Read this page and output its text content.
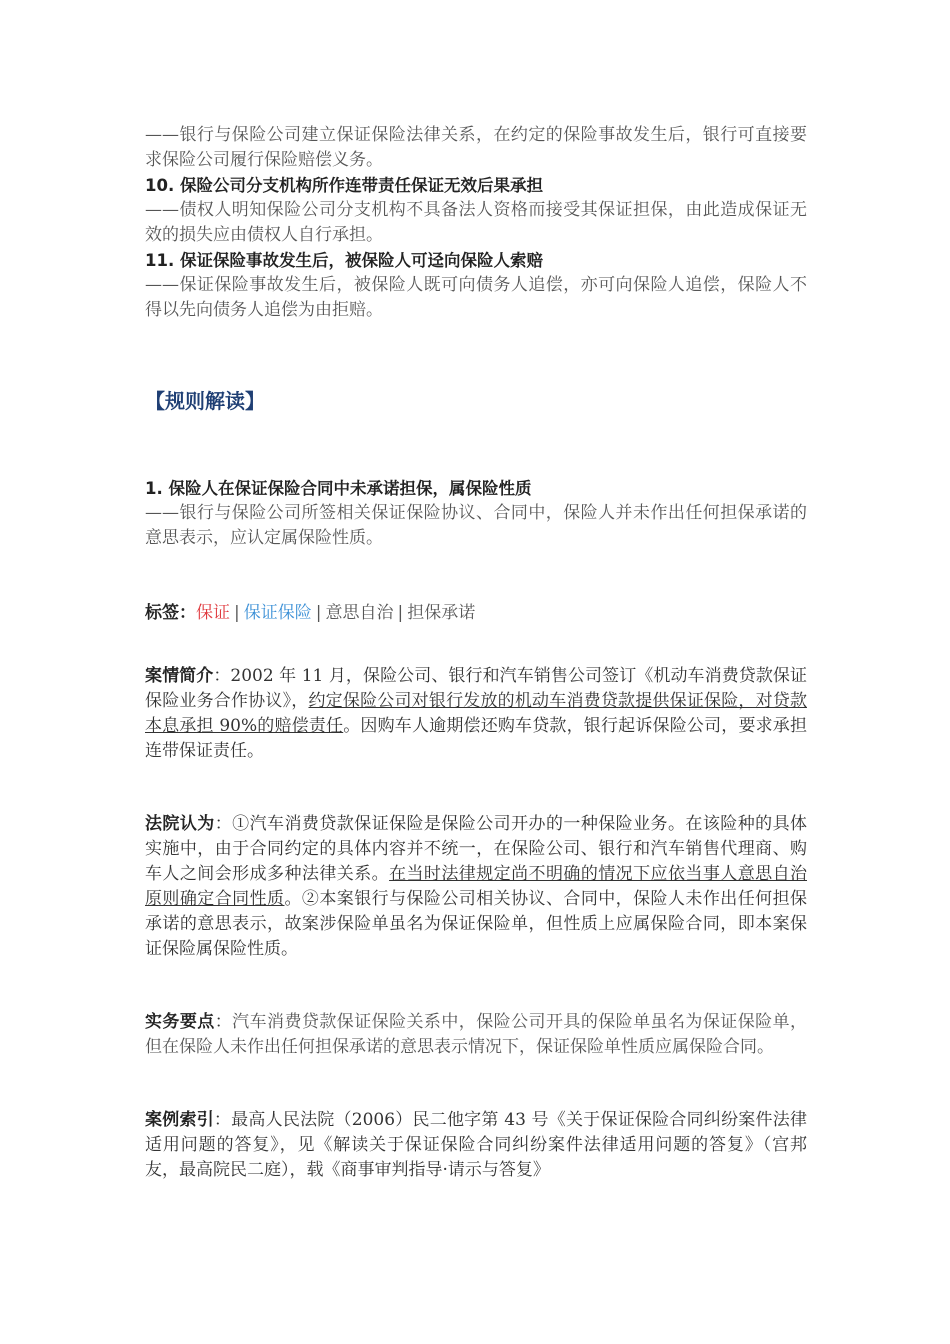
——银行与保险公司建立保证保险法律关系，在约定的保险事故发生后，银行可直接要求保险公司履行保险赔偿义务。

10. 保险公司分支机构所作连带责任保证无效后果承担

——债权人明知保险公司分支机构不具备法人资格而接受其保证担保，由此造成保证无效的损失应由债权人自行承担。

11. 保证保险事故发生后，被保险人可迳向保险人索赔

——保证保险事故发生后，被保险人既可向债务人追偿，亦可向保险人追偿，保险人不得以先向债务人追偿为由拒赔。

【规则解读】

1. 保险人在保证保险合同中未承诺担保，属保险性质

——银行与保险公司所签相关保证保险协议、合同中，保险人并未作出任何担保承诺的意思表示，应认定属保险性质。

标签：保证 | 保证保险 | 意思自治 | 担保承诺

案情简介：2002 年 11 月，保险公司、银行和汽车销售公司签订《机动车消费贷款保证保险业务合作协议》，约定保险公司对银行发放的机动车消费贷款提供保证保险，对贷款本息承担 90%的赔偿责任。因购车人逾期偿还购车贷款，银行起诉保险公司，要求承担连带保证责任。

法院认为：①汽车消费贷款保证保险是保险公司开办的一种保险业务。在该险种的具体实施中，由于合同约定的具体内容并不统一，在保险公司、银行和汽车销售代理商、购车人之间会形成多种法律关系。在当时法律规定尚不明确的情况下应依当事人意思自治原则确定合同性质。②本案银行与保险公司相关协议、合同中，保险人未作出任何担保承诺的意思表示，故案涉保险单虽名为保证保险单，但性质上应属保险合同，即本案保证保险属保险性质。

实务要点：汽车消费贷款保证保险关系中，保险公司开具的保险单虽名为保证保险单，但在保险人未作出任何担保承诺的意思表示情况下，保证保险单性质应属保险合同。

案例索引：最高人民法院（2006）民二他字第 43 号《关于保证保险合同纠纷案件法律适用问题的答复》，见《解读关于保证保险合同纠纷案件法律适用问题的答复》（宫邦友，最高院民二庭），载《商事审判指导·请示与答复》
